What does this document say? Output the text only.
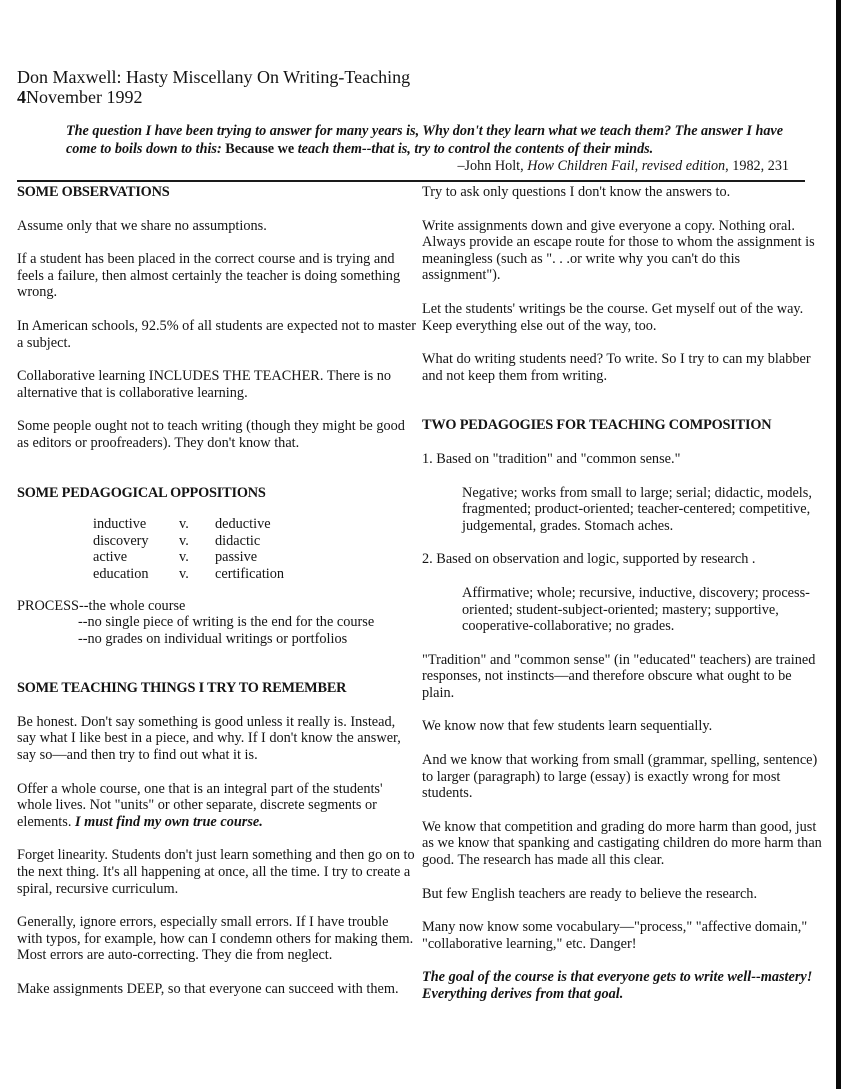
Don Maxwell: Hasty Miscellany On Writing-Teaching
4November 1992
The question I have been trying to answer for many years is, Why don't they learn what we teach them? The answer I have come to boils down to this: Because we teach them--that is, try to control the contents of their minds.
–John Holt, How Children Fail, revised edition, 1982, 231

SOME OBSERVATIONS

Assume only that we share no assumptions.

If a student has been placed in the correct course and is trying and feels a failure, then almost certainly the teacher is doing something wrong.

In American schools, 92.5% of all students are expected not to master a subject.

Collaborative learning INCLUDES THE TEACHER. There is no alternative that is collaborative learning.

Some people ought not to teach writing (though they might be good as editors or proofreaders). They don't know that.

SOME PEDAGOGICAL OPPOSITIONS

inductive	v.	deductive
discovery	v.	didactic
active	v.	passive
education	v.	certification

PROCESS--the whole course

--no single piece of writing is the end for the course

--no grades on individual writings or portfolios

SOME TEACHING THINGS I TRY TO REMEMBER

Be honest. Don't say something is good unless it really is. Instead, say what I like best in a piece, and why. If I don't know the answer, say so—and then try to find out what it is.

Offer a whole course, one that is an integral part of the students' whole lives. Not "units" or other separate, discrete segments or elements. I must find my own true course.

Forget linearity. Students don't just learn something and then go on to the next thing. It's all happening at once, all the time. I try to create a spiral, recursive curriculum.

Generally, ignore errors, especially small errors. If I have trouble with typos, for example, how can I condemn others for making them. Most errors are auto-correcting. They die from neglect.

Make assignments DEEP, so that everyone can succeed with them.

Try to ask only questions I don't know the answers to.

Write assignments down and give everyone a copy. Nothing oral. Always provide an escape route for those to whom the assignment is meaningless (such as ". . .or write why you can't do this assignment").

Let the students' writings be the course. Get myself out of the way. Keep everything else out of the way, too.

What do writing students need? To write. So I try to can my blabber and not keep them from writing.

TWO PEDAGOGIES FOR TEACHING COMPOSITION

1. Based on "tradition" and "common sense."

Negative; works from small to large; serial; didactic, models, fragmented; product-oriented; teacher-centered; competitive, judgemental, grades. Stomach aches.

2. Based on observation and logic, supported by research .

Affirmative; whole; recursive, inductive, discovery; process- oriented; student-subject-oriented; mastery; supportive, cooperative-collaborative; no grades.

"Tradition" and "common sense" (in "educated" teachers) are trained responses, not instincts—and therefore obscure what ought to be plain.

We know now that few students learn sequentially.

And we know that working from small (grammar, spelling, sentence) to larger (paragraph) to large (essay) is exactly wrong for most students.

We know that competition and grading do more harm than good, just as we know that spanking and castigating children do more harm than good. The research has made all this clear.

But few English teachers are ready to believe the research.

Many now know some vocabulary—"process," "affective domain," "collaborative learning," etc. Danger!

The goal of the course is that everyone gets to write well--mastery! Everything derives from that goal.
